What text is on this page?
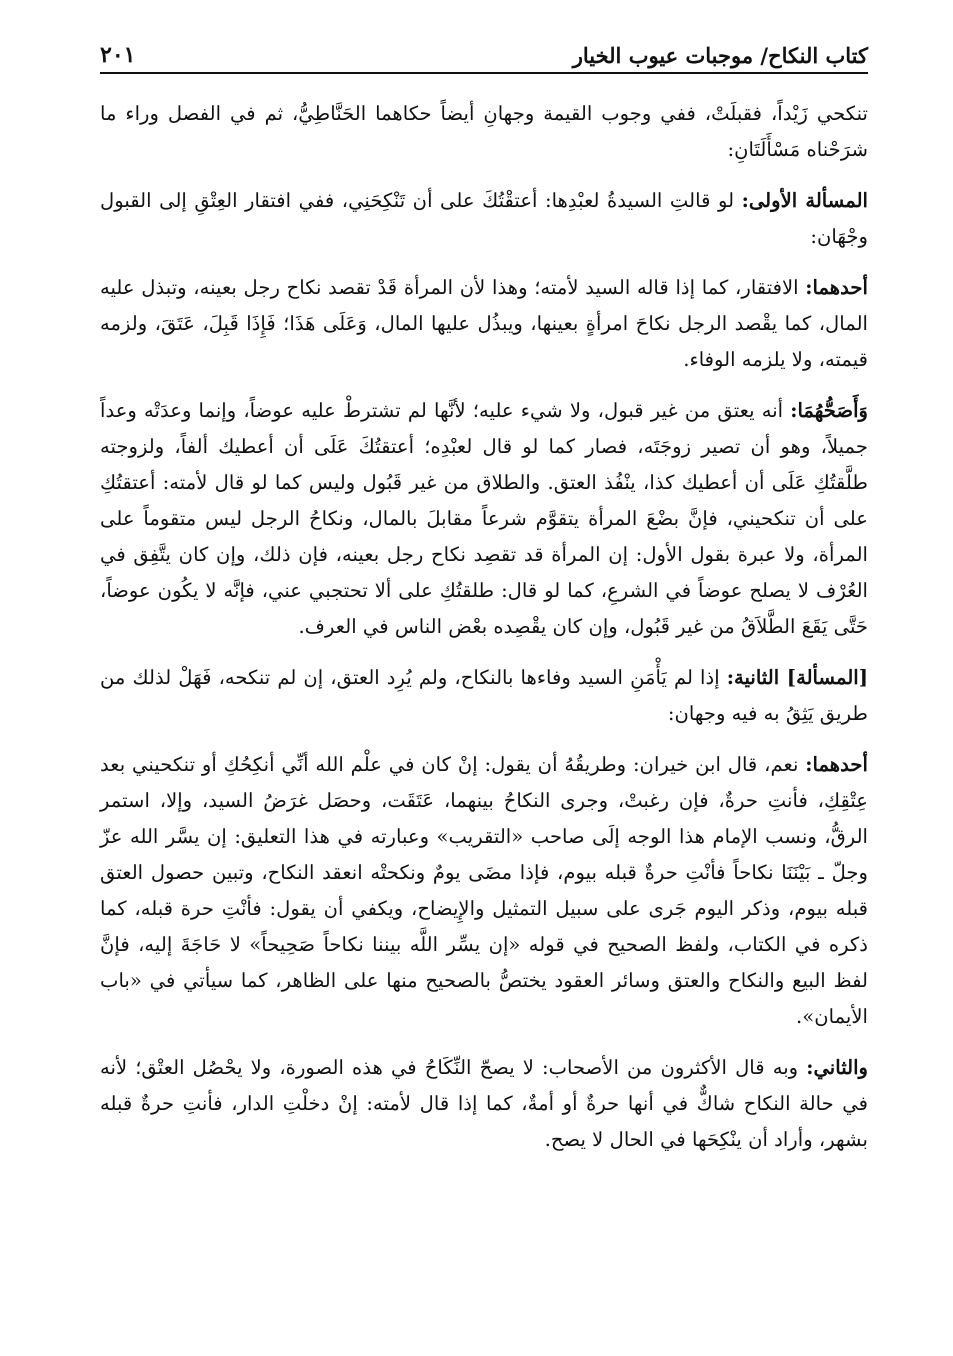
كتاب النكاح/ موجبات عيوب الخيار
٢٠١

تنكحي زَيْداً، فقبلَتْ، ففي وجوب القيمة وجهانِ أيضاً حكاهما الحَنَّاطِيُّ، ثم في الفصل وراء ما شرَحْناه مَسْأَلَتَانِ:

المسألة الأولى: لو قالتِ السيدةُ لعبْدِها: أعتقْتُكَ على أن تَنْكِحَنِي، ففي افتقار العِتْقِ إلى القبول وجْهَان:

أحدهما: الافتقار، كما إذا قاله السيد لأمته؛ وهذا لأن المرأة قَدْ تقصد نكاح رجل بعينه، وتبذل عليه المال، كما يقْصد الرجل نكاحَ امرأةٍ بعينها، ويبذُل عليها المال، وَعَلَى هَذَا؛ فَإِذَا قَبِلَ، عَتَقَ، ولزمه قيمته، ولا يلزمه الوفاء.

وَأَصَحُّهُمَا: أنه يعتق من غير قبول، ولا شيء عليه؛ لأنَّها لم تشترطْ عليه عوضاً، وإنما وعدَتْه وعداً جميلاً، وهو أن تصير زوجَتَه، فصار كما لو قال لعبْدِه؛ أعتقتُكَ عَلَى أن أعطيك ألفاً، ولزوجته طلَّقتُكِ عَلَى أن أعطيك كذا، ينْفُذ العتق. والطلاق من غير قَبُول وليس كما لو قال لأمته: أعتقتُكِ على أن تنكحيني، فإنَّ بضْعَ المرأة يتقوَّم شرعاً مقابلَ بالمال، ونكاحُ الرجل ليس متقوماً على المرأة، ولا عبرة بقول الأول: إن المرأة قد تقصِد نكاح رجل بعينه، فإن ذلك، وإن كان يتَّفِق في العُرْف لا يصلح عوضاً في الشرعِ، كما لو قال: طلقتُكِ على ألا تحتجبي عني، فإنَّه لا يكُون عوضاً، حَتَّى يَقَعَ الطَّلاَقُ من غير قَبُول، وإن كان يقْصِده بعْض الناس في العرف.

[المسألة] الثانية: إذا لم يَأْمَنِ السيد وفاءها بالنكاح، ولم يُرِد العتق، إن لم تنكحه، فَهَلْ لذلك من طريق يَثِقُ به فيه وجهان:

أحدهما: نعم، قال ابن خيران: وطريقُهُ أن يقول: إنْ كان في علْم الله أنِّي أنكِحُكِ أو تنكحيني بعد عِتْقِكِ، فأنتِ حرةٌ، فإن رغبتْ، وجرى النكاحُ بينهما، عَتَقَت، وحصَل غرَضُ السيد، وإلا، استمر الرقُّ، ونسب الإمام هذا الوجه إلَى صاحب «التقريب» وعبارته في هذا التعليق: إن يسَّر الله عزّ وجلّ ـ بَيْنَنَا نكاحاً فأنْتِ حرةٌ قبله بيوم، فإذا مضَى يومٌ ونكحتْه انعقد النكاح، وتبين حصول العتق قبله بيوم، وذكر اليوم جَرى على سبيل التمثيل والإِيضاح، ويكفي أن يقول: فأنْتِ حرة قبله، كما ذكره في الكتاب، ولفظ الصحيح في قوله «إن يسِّر اللَّه بيننا نكاحاً صَحِيحاً» لا حَاجَةَ إليه، فإنَّ لفظ البيع والنكاح والعتق وسائر العقود يختصُّ بالصحيح منها على الظاهر، كما سيأتي في «باب الأيمان».

والثاني: وبه قال الأكثرون من الأصحاب: لا يصحّ النِّكَاحُ في هذه الصورة، ولا يحْصُل العتْق؛ لأنه في حالة النكاح شاكٌّ في أنها حرةٌ أو أمةٌ، كما إذا قال لأمته: إنْ دخلْتِ الدار، فأنتِ حرةٌ قبله بشهر، وأراد أن ينْكِحَها في الحال لا يصح.
